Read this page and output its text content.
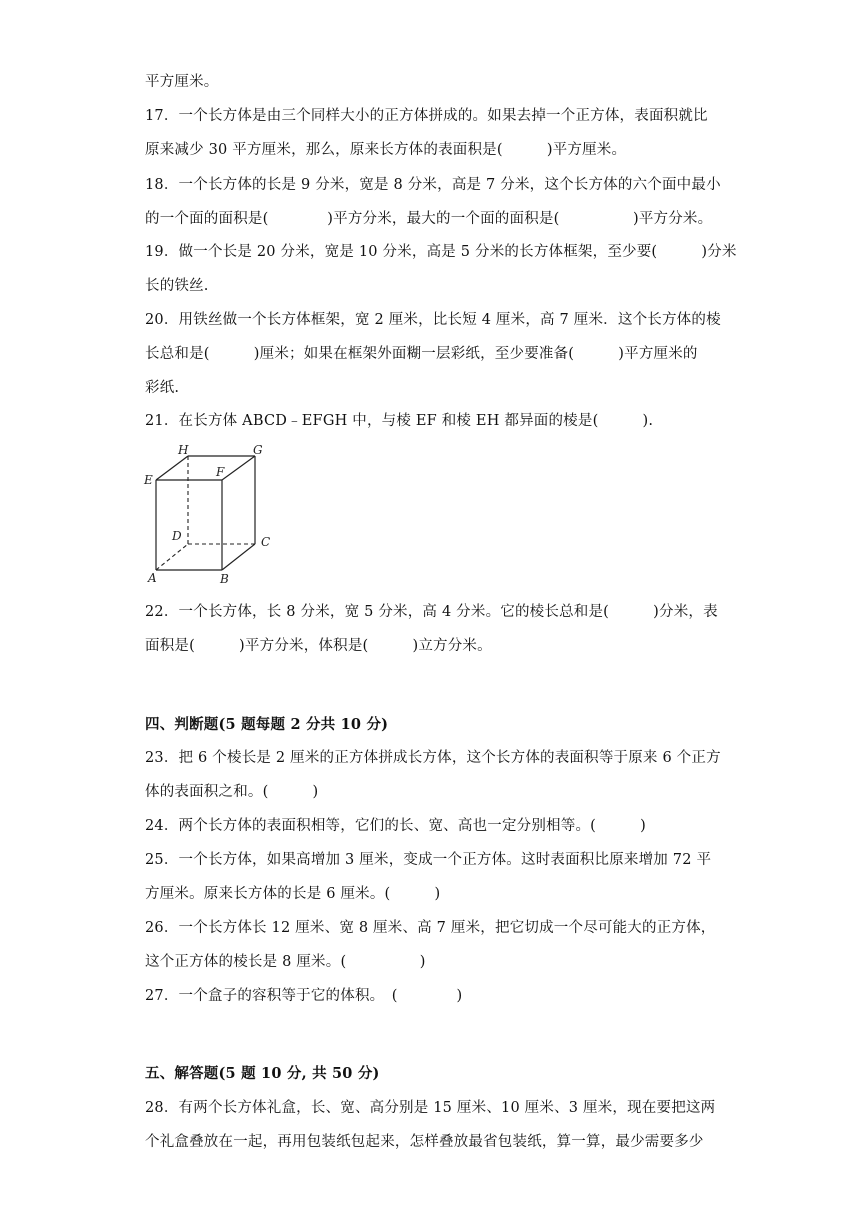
平方厘米。
17．一个长方体是由三个同样大小的正方体拼成的。如果去掉一个正方体，表面积就比
原来减少 30 平方厘米，那么，原来长方体的表面积是(　　　)平方厘米。
18．一个长方体的长是 9 分米，宽是 8 分米，高是 7 分米，这个长方体的六个面中最小
的一个面的面积是(　　　　)平方分米，最大的一个面的面积是(　　　　　)平方分米。
19．做一个长是 20 分米，宽是 10 分米，高是 5 分米的长方体框架，至少要(　　　)分米
长的铁丝.
20．用铁丝做一个长方体框架，宽 2 厘米，比长短 4 厘米，高 7 厘米．这个长方体的棱
长总和是(　　　)厘米；如果在框架外面糊一层彩纸，至少要准备(　　　)平方厘米的
彩纸.
21．在长方体 ABCD﹣EFGH 中，与棱 EF 和棱 EH 都异面的棱是(　　　).
E
H
F
G
D	C
A	B
22．一个长方体，长 8 分米，宽 5 分米，高 4 分米。它的棱长总和是(　　　)分米，表
面积是(　　　)平方分米，体积是(　　　)立方分米。
四、判断题(5 题每题 2 分共 10 分)
23．把 6 个棱长是 2 厘米的正方体拼成长方体，这个长方体的表面积等于原来 6 个正方
体的表面积之和。(　　　)
24．两个长方体的表面积相等，它们的长、宽、高也一定分别相等。(　　　)
25．一个长方体，如果高增加 3 厘米，变成一个正方体。这时表面积比原来增加 72 平
方厘米。原来长方体的长是 6 厘米。(　　　)
26．一个长方体长 12 厘米、宽 8 厘米、高 7 厘米，把它切成一个尽可能大的正方体，
这个正方体的棱长是 8 厘米。(　　　　　)
27．一个盒子的容积等于它的体积。　(　　　　)
五、解答题(5 题 10 分, 共 50 分)
28．有两个长方体礼盒，长、宽、高分别是 15 厘米、10 厘米、3 厘米，现在要把这两
个礼盒叠放在一起，再用包装纸包起来，怎样叠放最省包装纸，算一算，最少需要多少
